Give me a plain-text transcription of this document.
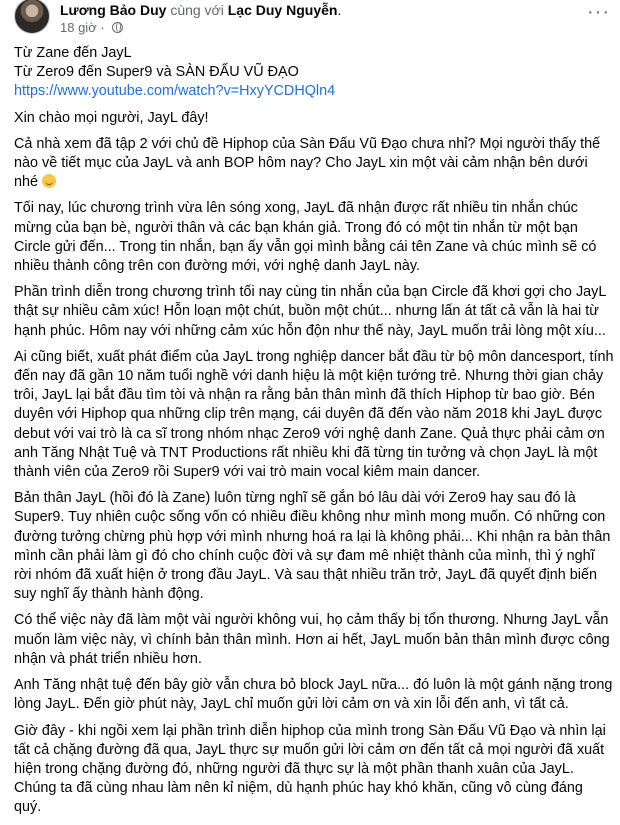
Lương Bảo Duy cùng với Lạc Duy Nguyễn.
18 giờ ·
···
Từ Zane đến JayL
Từ Zero9 đến Super9 và SÀN ĐẤU VŨ ĐẠO
https://www.youtube.com/watch?v=HxyYCDHQln4
Xin chào mọi người, JayL đây!
Cả nhà xem đã tập 2 với chủ đề Hiphop của Sàn Đấu Vũ Đạo chưa nhỉ? Mọi người thấy thế nào về tiết mục của JayL và anh BOP hôm nay? Cho JayL xin một vài cảm nhận bên dưới nhé
Tối nay, lúc chương trình vừa lên sóng xong, JayL đã nhận được rất nhiều tin nhắn chúc mừng của bạn bè, người thân và các bạn khán giả. Trong đó có một tin nhắn từ một bạn Circle gửi đến... Trong tin nhắn, bạn ấy vẫn gọi mình bằng cái tên Zane và chúc mình sẽ có nhiều thành công trên con đường mới, với nghệ danh JayL này.
Phần trình diễn trong chương trình tối nay cùng tin nhắn của bạn Circle đã khơi gợi cho JayL thật sự nhiều cảm xúc! Hỗn loạn một chút, buồn một chút... nhưng lấn át tất cả vẫn là hai từ hạnh phúc. Hôm nay với những cảm xúc hỗn độn như thế này, JayL muốn trải lòng một xíu...
Ai cũng biết, xuất phát điểm của JayL trong nghiệp dancer bắt đầu từ bộ môn dancesport, tính đến nay đã gần 10 năm tuổi nghề với danh hiệu là một kiện tướng trẻ. Nhưng thời gian chảy trôi, JayL lại bắt đầu tìm tòi và nhận ra rằng bản thân mình đã thích Hiphop từ bao giờ. Bén duyên với Hiphop qua những clip trên mạng, cái duyên đã đến vào năm 2018 khi JayL được debut với vai trò là ca sĩ trong nhóm nhạc Zero9 với nghệ danh Zane. Quả thực phải cảm ơn anh Tăng Nhật Tuệ và TNT Productions rất nhiều khi đã từng tin tưởng và chọn JayL là một thành viên của Zero9 rồi Super9 với vai trò main vocal kiêm main dancer.
Bản thân JayL (hồi đó là Zane) luôn từng nghĩ sẽ gắn bó lâu dài với Zero9 hay sau đó là Super9. Tuy nhiên cuộc sống vốn có nhiều điều không như mình mong muốn. Có những con đường tưởng chừng phù hợp với mình nhưng hoá ra lại là không phải... Khi nhận ra bản thân mình cần phải làm gì đó cho chính cuộc đời và sự đam mê nhiệt thành của mình, thì ý nghĩ rời nhóm đã xuất hiện ở trong đầu JayL. Và sau thật nhiều trăn trở, JayL đã quyết định biến suy nghĩ ấy thành hành động.
Có thể việc này đã làm một vài người không vui, họ cảm thấy bị tổn thương. Nhưng JayL vẫn muốn làm việc này, vì chính bản thân mình. Hơn ai hết, JayL muốn bản thân mình được công nhận và phát triển nhiều hơn.
Anh Tăng nhật tuệ đến bây giờ vẫn chưa bỏ block JayL nữa... đó luôn là một gánh nặng trong lòng JayL. Đến giờ phút này, JayL chỉ muốn gửi lời cảm ơn và xin lỗi đến anh, vì tất cả.
Giờ đây - khi ngồi xem lại phần trình diễn hiphop của mình trong Sàn Đấu Vũ Đạo và nhìn lại tất cả chặng đường đã qua, JayL thực sự muốn gửi lời cảm ơn đến tất cả mọi người đã xuất hiện trong chặng đường đó, những người đã thực sự là một phần thanh xuân của JayL. Chúng ta đã cùng nhau làm nên kỉ niệm, dù hạnh phúc hay khó khăn, cũng vô cùng đáng quý.
